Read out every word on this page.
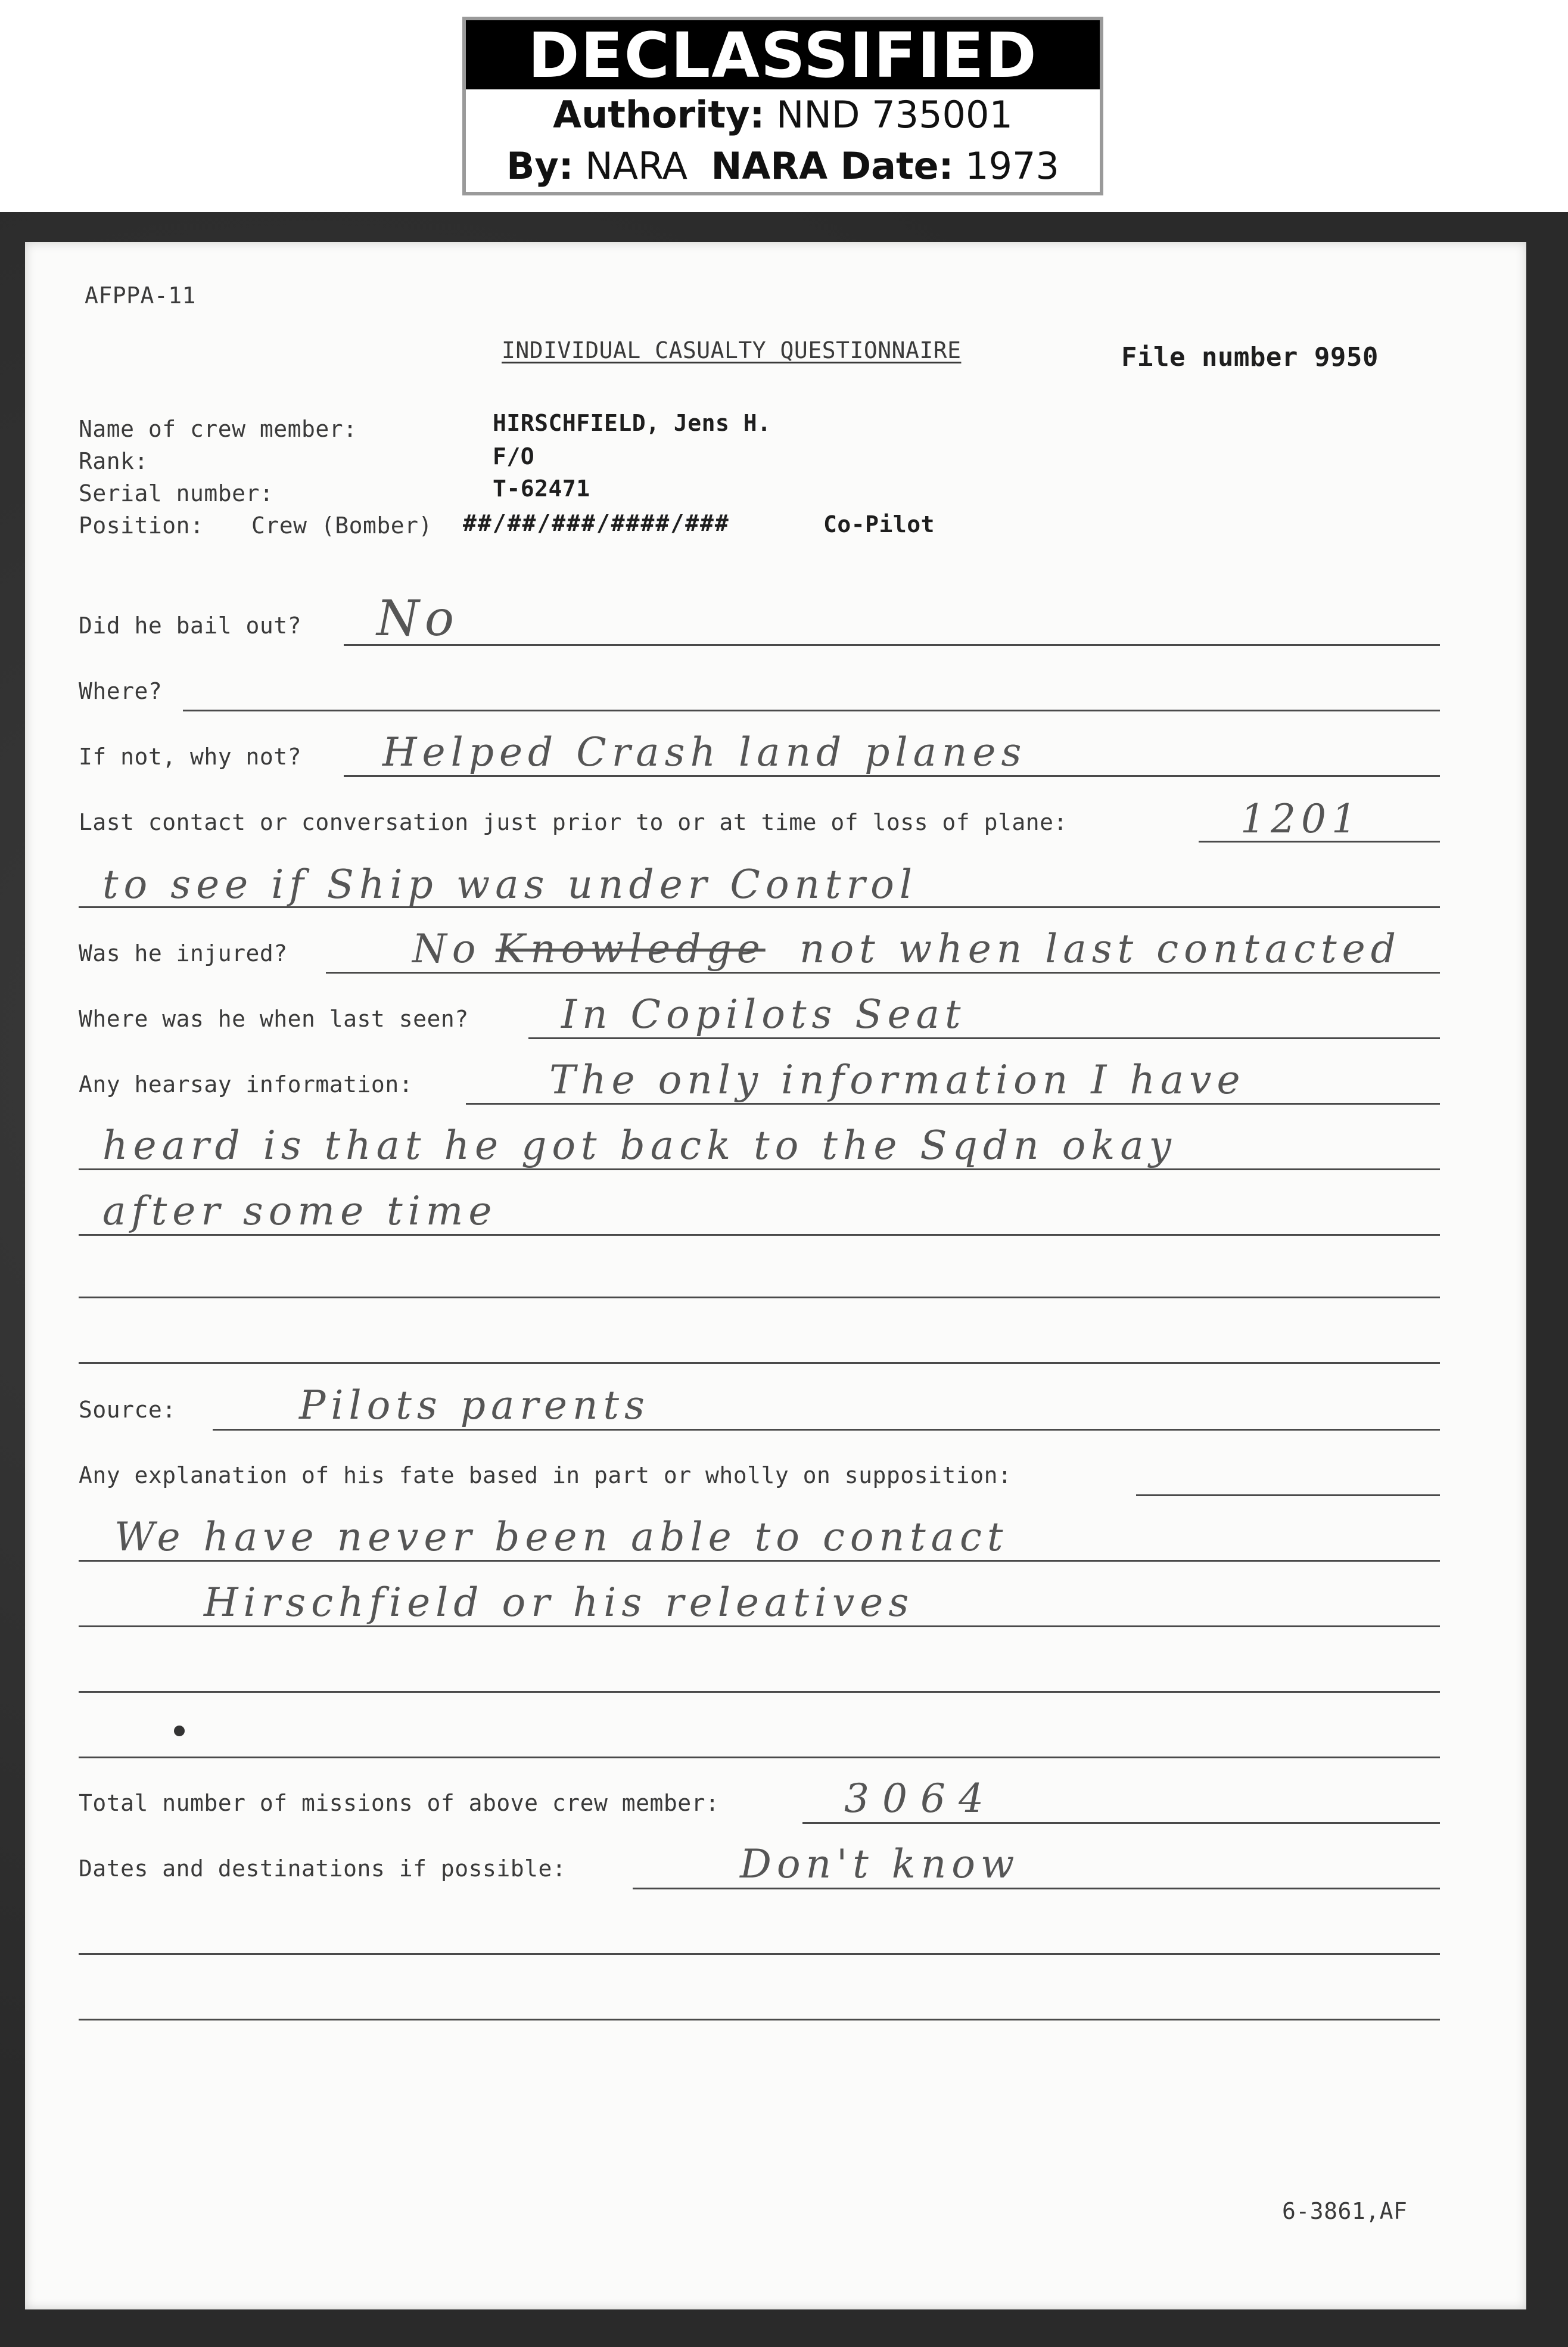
DECLASSIFIED
Authority: NND 735001
By: NARA NARA Date: 1973
AFPPA-11
INDIVIDUAL CASUALTY QUESTIONNAIRE	File number 9950
Name of crew member:	HIRSCHFIELD, Jens H.
Rank:	F/O
Serial number:	T-62471
Position: Crew (Bomber) ##/##/###/####/###	Co-Pilot
Did he bail out? No
Where?
If not, why not? Helped Crash land planes
Last contact or conversation just prior to or at time of loss of plane:	1201
to see if Ship was under Control
Was he injured?	No Knowledge not when last contacted
Where was he when last seen? In Copilots Seat
Any hearsay information:	The only information I have
heard is that he got back to the Sqdn okay
after some time
Source:	Pilots parents
Any explanation of his fate based in part or wholly on supposition:
We have never been able to contact
Hirschfield or his releatives
Total number of missions of above crew member:	3064
Dates and destinations if possible:	Don't know
6-3861,AF
